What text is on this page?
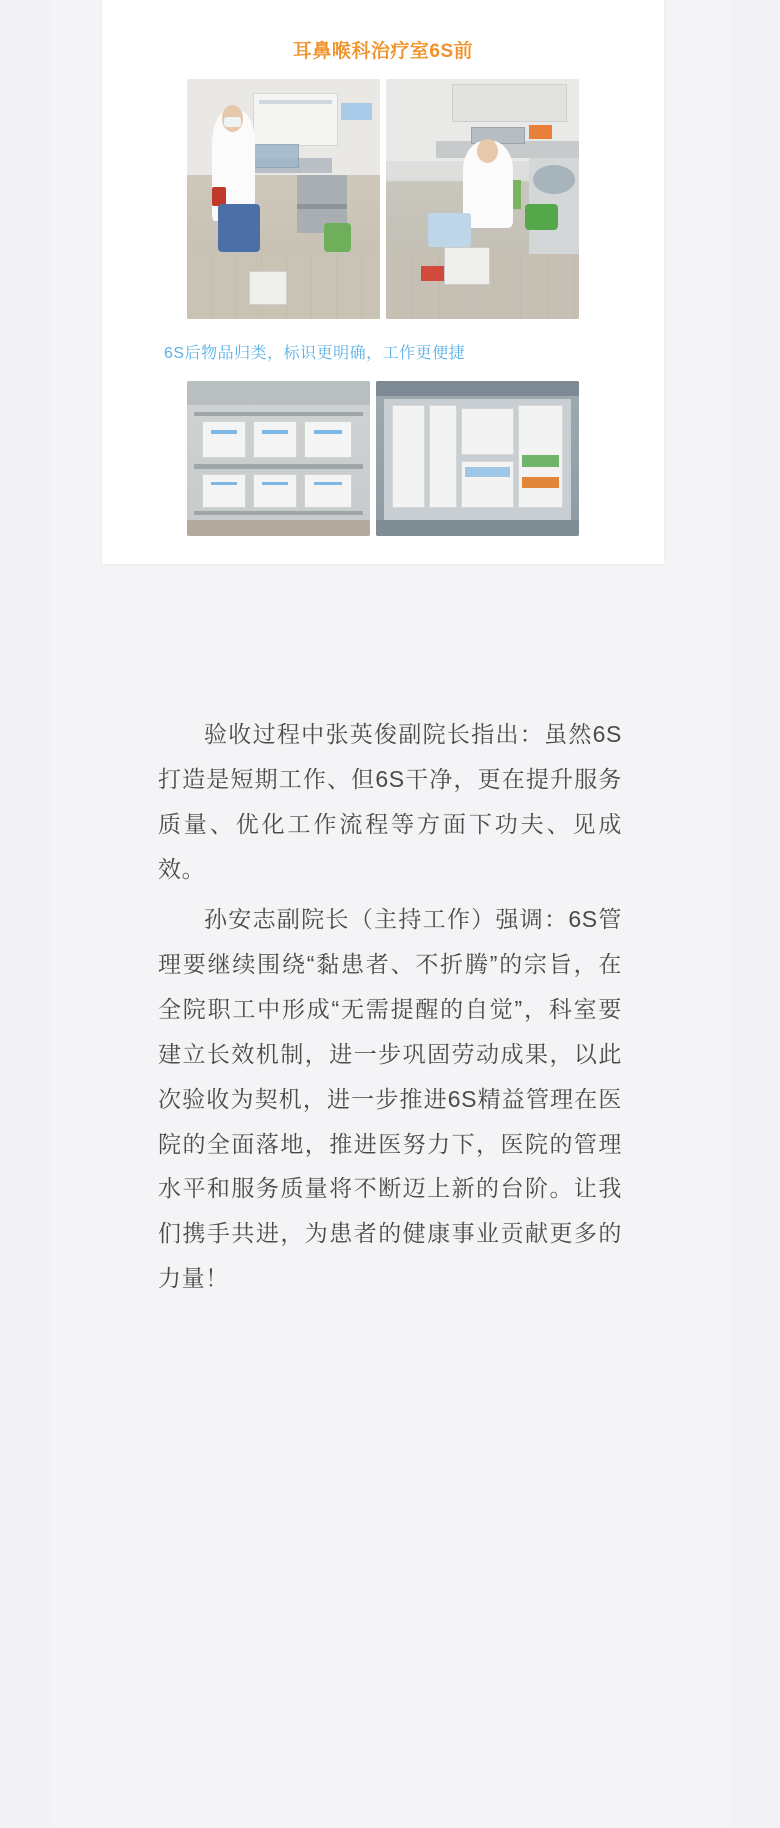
耳鼻喉科治疗室6S前
6S后物品归类，标识更明确，工作更便捷

验收过程中张英俊副院长指出：虽然6S打造是短期工作、但6S干净，更在提升服务质量、优化工作流程等方面下功夫、见成效。

孙安志副院长（主持工作）强调：6S管理要继续围绕“黏患者、不折腾”的宗旨，在全院职工中形成“无需提醒的自觉”，科室要建立长效机制，进一步巩固劳动成果，以此次验收为契机，进一步推进6S精益管理在医院的全面落地，推进医努力下，医院的管理水平和服务质量将不断迈上新的台阶。让我们携手共进，为患者的健康事业贡献更多的力量！
